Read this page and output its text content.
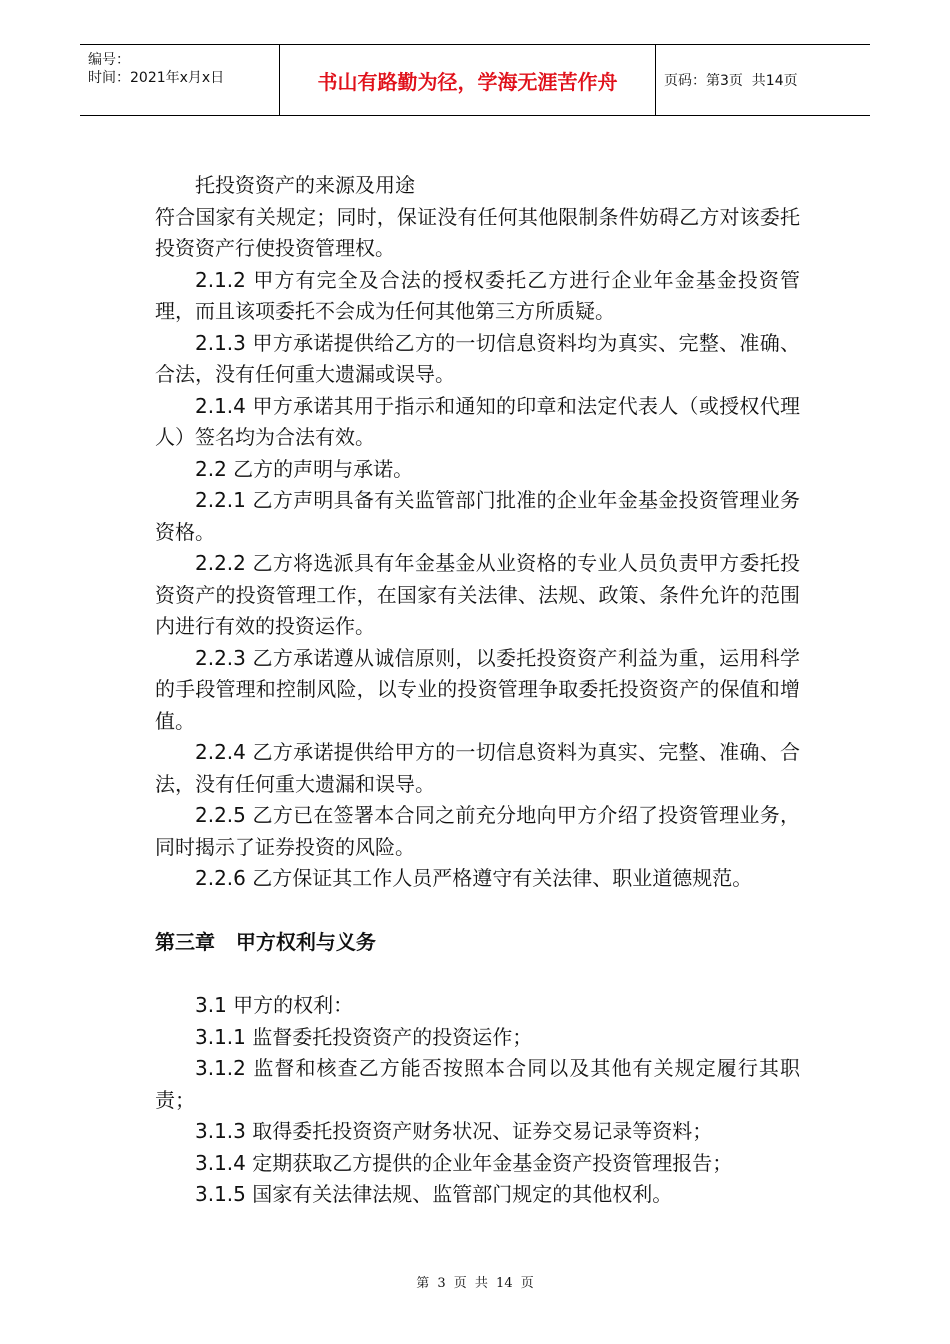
编号：
时间：2021年x月x日	书山有路勤为径，学海无涯苦作舟	页码：第3页  共14页

托投资资产的来源及用途

符合国家有关规定；同时，保证没有任何其他限制条件妨碍乙方对该委托投资资产行使投资管理权。

2.1.2 甲方有完全及合法的授权委托乙方进行企业年金基金投资管理，而且该项委托不会成为任何其他第三方所质疑。

2.1.3 甲方承诺提供给乙方的一切信息资料均为真实、完整、准确、合法，没有任何重大遗漏或误导。

2.1.4 甲方承诺其用于指示和通知的印章和法定代表人（或授权代理人）签名均为合法有效。

2.2 乙方的声明与承诺。

2.2.1 乙方声明具备有关监管部门批准的企业年金基金投资管理业务资格。

2.2.2 乙方将选派具有年金基金从业资格的专业人员负责甲方委托投资资产的投资管理工作，在国家有关法律、法规、政策、条件允许的范围内进行有效的投资运作。

2.2.3 乙方承诺遵从诚信原则，以委托投资资产利益为重，运用科学的手段管理和控制风险，以专业的投资管理争取委托投资资产的保值和增值。

2.2.4 乙方承诺提供给甲方的一切信息资料为真实、完整、准确、合法，没有任何重大遗漏和误导。

2.2.5 乙方已在签署本合同之前充分地向甲方介绍了投资管理业务，同时揭示了证券投资的风险。

2.2.6 乙方保证其工作人员严格遵守有关法律、职业道德规范。

第三章   甲方权利与义务

3.1 甲方的权利：

3.1.1 监督委托投资资产的投资运作；

3.1.2 监督和核查乙方能否按照本合同以及其他有关规定履行其职责；

3.1.3 取得委托投资资产财务状况、证券交易记录等资料；

3.1.4 定期获取乙方提供的企业年金基金资产投资管理报告；

3.1.5 国家有关法律法规、监管部门规定的其他权利。

第 3 页 共 14 页
